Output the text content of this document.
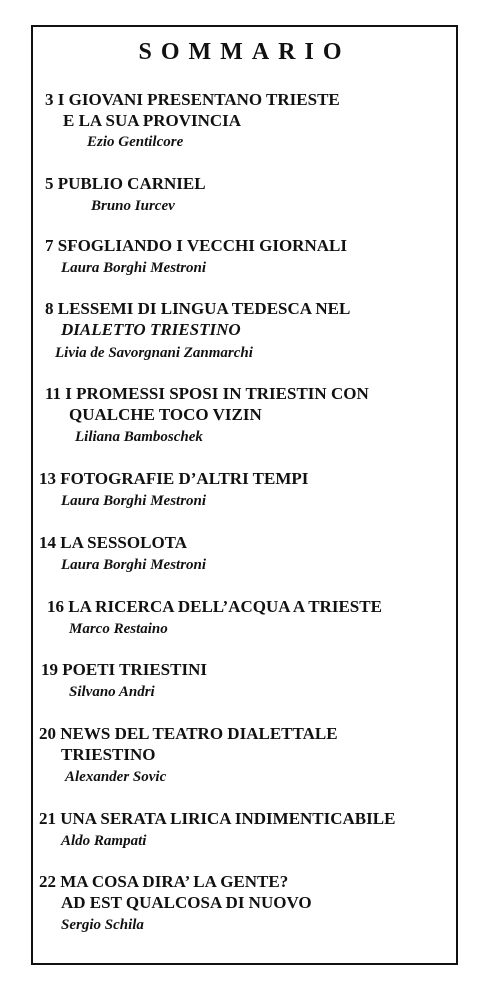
SOMMARIO
3 I GIOVANI PRESENTANO TRIESTE
E LA SUA PROVINCIA
Ezio Gentilcore
5 PUBLIO CARNIEL
Bruno Iurcev
7 SFOGLIANDO I VECCHI GIORNALI
Laura Borghi Mestroni
8 LESSEMI DI LINGUA TEDESCA NEL
DIALETTO TRIESTINO
Livia de Savorgnani Zanmarchi
11 I PROMESSI SPOSI IN TRIESTIN CON
QUALCHE TOCO VIZIN
Liliana Bamboschek
13 FOTOGRAFIE D’ALTRI TEMPI
Laura Borghi Mestroni
14 LA SESSOLOTA
Laura Borghi Mestroni
16 LA RICERCA DELL’ACQUA A TRIESTE
Marco Restaino
19 POETI TRIESTINI
Silvano Andri
20 NEWS DEL TEATRO DIALETTALE
TRIESTINO
Alexander Sovic
21 UNA SERATA LIRICA INDIMENTICABILE
Aldo Rampati
22 MA COSA DIRA’ LA GENTE?
AD EST QUALCOSA DI NUOVO
Sergio Schila
